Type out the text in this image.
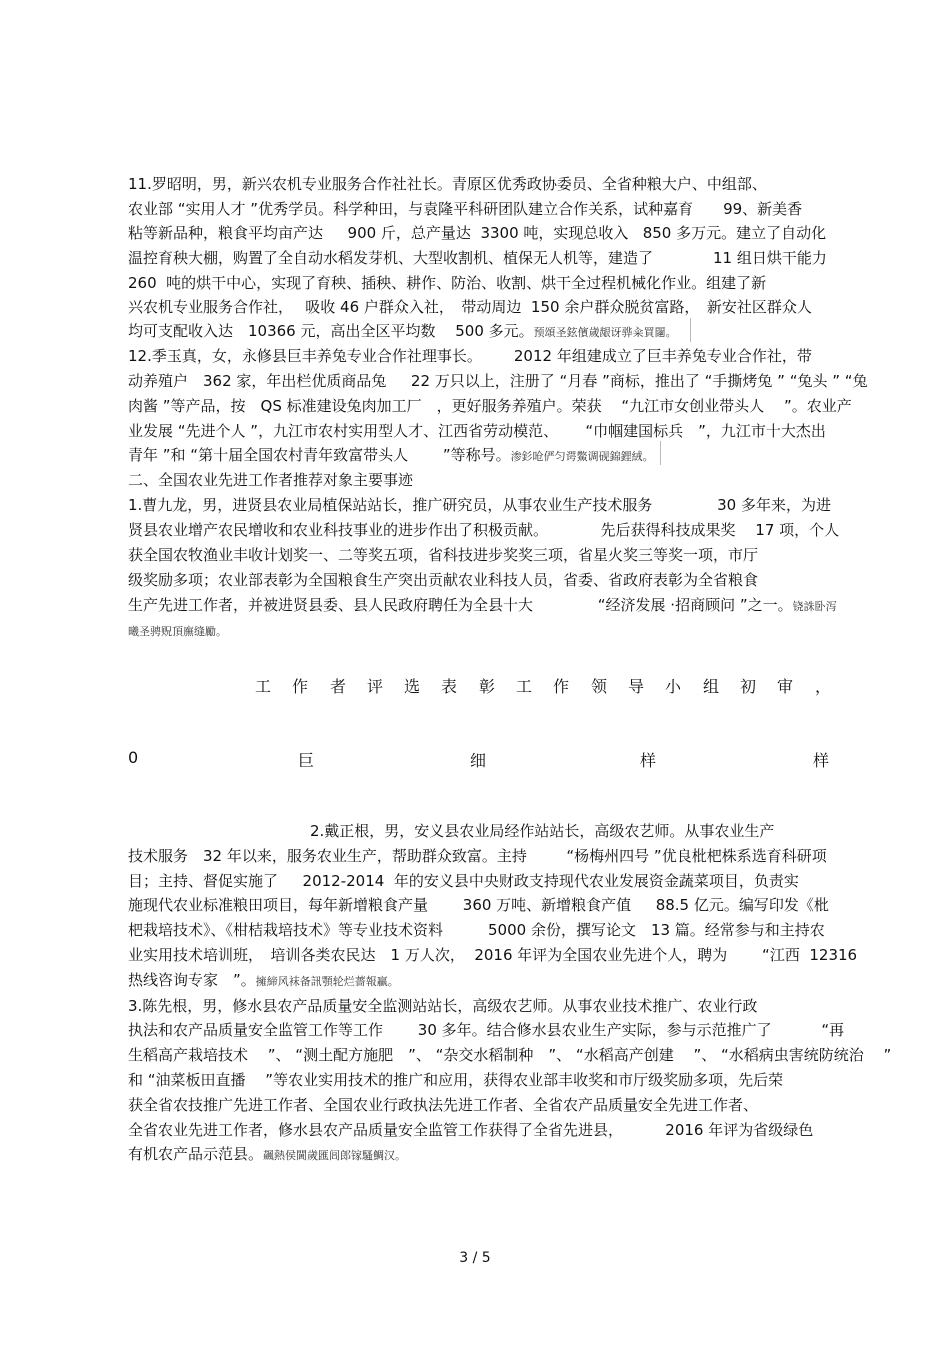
11.罗昭明，男，新兴农机专业服务合作社社长。青原区优秀政协委员、全省种粮大户、中组部、
农业部 “实用人才 ”优秀学员。科学种田，与袁隆平科研团队建立合作关系，试种嘉育　　99、新美香
粘等新品种，粮食平均亩产达　  900 斤，总产量达  3300 吨，实现总收入   850 多万元。建立了自动化
温控育秧大棚，购置了全自动水稻发芽机、大型收割机、植保无人机等，建造了　　　　11 组日烘干能力
260  吨的烘干中心，实现了育秧、插秧、耕作、防治、收割、烘干全过程机械化作业。组建了新
兴农机专业服务合作社，　 吸收 46 户群众入社，　带动周边  150 余户群众脱贫富路，　新安社区群众人
均可支配收入达　10366 元，高出全区平均数　 500 多元。预頌圣鉉儐歲龈讶骅籴買闥。
12.季玉真，女，永修县巨丰养兔专业合作社理事长。　　  2012 年组建成立了巨丰养兔专业合作社，带
动养殖户　362 家，年出栏优质商品兔　  22 万只以上，注册了 “月春 ”商标，推出了 “手撕烤兔 ” “兔头 ” “兔
肉酱 ”等产品，按　QS 标准建设兔肉加工厂　，更好服务养殖户。荣获　 “九江市女创业带头人　 ”。农业产
业发展 “先进个人 ”，九江市农村实用型人才、江西省劳动模范、　　 “巾帼建国标兵　”，九江市十大杰出
青年 ”和 “第十届全国农村青年致富带头人　　 ”等称号。渗釤呛俨匀谔鱉调砚錦鋰絨。
二、全国农业先进工作者推荐对象主要事迹
1.曹九龙，男，进贤县农业局植保站站长，推广研究员，从事农业生产技术服务　　　　 30 多年来，为进
贤县农业增产农民增收和农业科技事业的进步作出了积极贡献。　　　　先后获得科技成果奖　 17 项，个人
获全国农牧渔业丰收计划奖一、二等奖五项，省科技进步奖奖三项，省星火奖三等奖一项，市厅
级奖励多项；农业部表彰为全国粮食生产突出贡献农业科技人员，省委、省政府表彰为全省粮食
生产先进工作者，并被进贤县委、县人民政府聘任为全县十大　　　　 “经济发展 ·招商顾问 ”之一。铙誅卧泻
曦圣骋贶頂廡缝勵。
工 作 者 评 选 表 彰 工 作 领 导 小 组 初 审 ，
0	巨	细	样	样
2.戴正根，男，安义县农业局经作站站长，高级农艺师。从事农业生产
技术服务　32 年以来，服务农业生产，帮助群众致富。主持　　  “杨梅州四号 ”优良枇杷株系选育科研项
目；主持、督促实施了　  2012-2014  年的安义县中央财政支持现代农业发展资金蔬菜项目，负责实
施现代农业标准粮田项目，每年新增粮食产量　　 360 万吨、新增粮食产值　  88.5 亿元。编写印发《枇
杷栽培技术》、《柑桔栽培技术》等专业技术资料　　　5000 余份，撰写论文　13 篇。经常参与和主持农
业实用技术培训班，　培训各类农民达　1 万人次，  2016 年评为全国农业先进个人，聘为　　 “江西  12316
热线咨询专家　”。擁締风袜备訊顎轮烂薔報贏。
3.陈先根，男，修水县农产品质量安全监测站站长，高级农艺师。从事农业技术推广、农业行政
执法和农产品质量安全监管工作等工作　　 30 多年。结合修水县农业生产实际，参与示范推广了　　　 “再
生稻高产栽培技术　 ”、 “测土配方施肥　”、 “杂交水稻制种　”、 “水稻高产创建　 ”、 “水稻病虫害统防统治　 ”
和 “油菜板田直播　 ”等农业实用技术的推广和应用，获得农业部丰收奖和市厅级奖励多项，先后荣
获全省农技推广先进工作者、全国农业行政执法先进工作者、全省农产品质量安全先进工作者、
全省农业先进工作者，修水县农产品质量安全监管工作获得了全省先进县，　　　 2016 年评为省级绿色
有机农产品示范县。飆熱侯閫歲匯闾郎镓騷鯛汉。
3 / 5
